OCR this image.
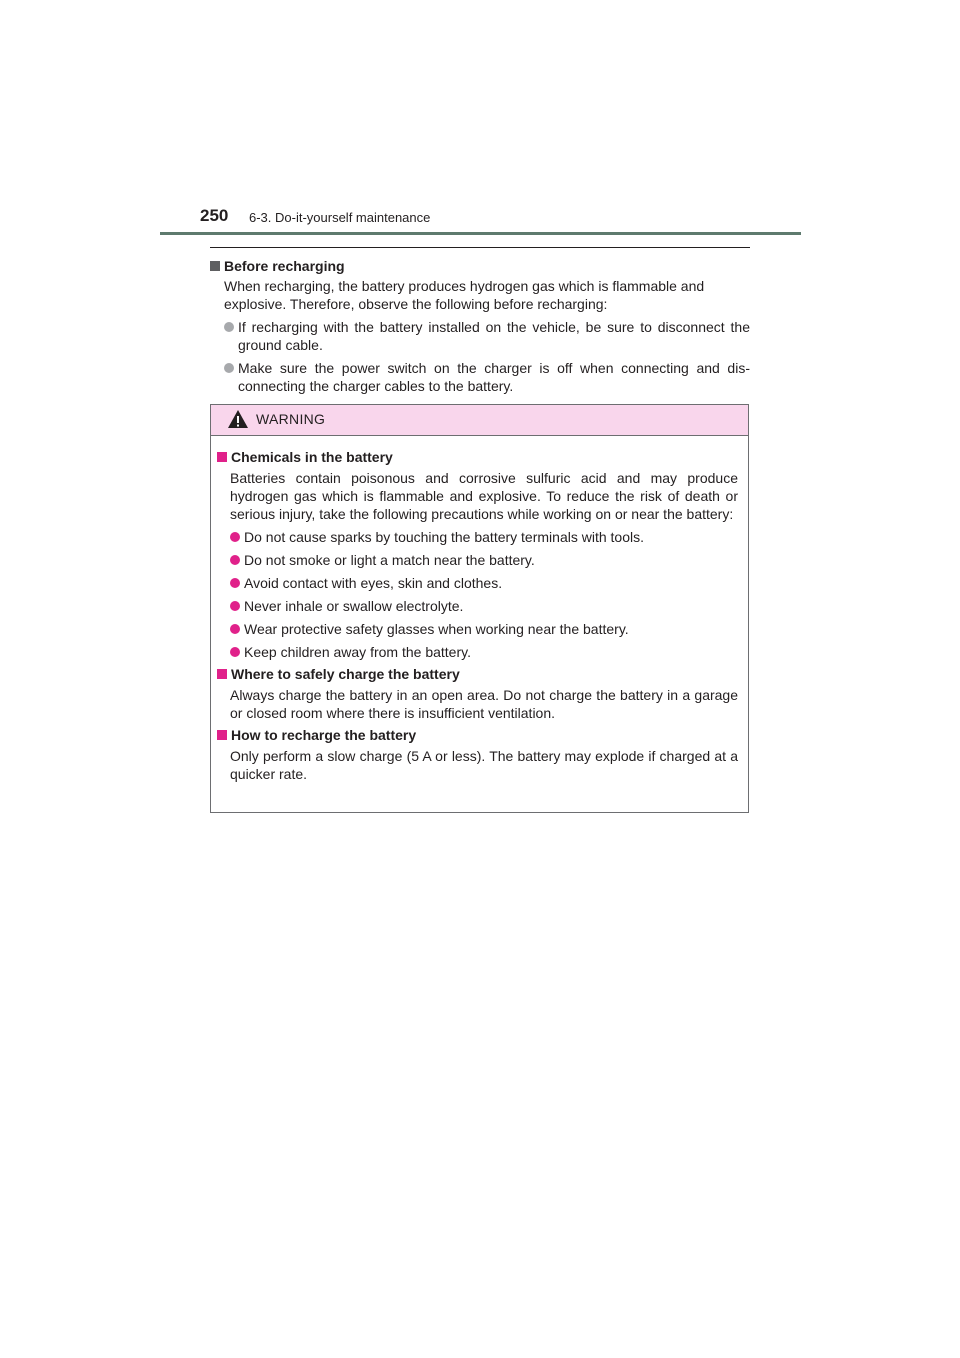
250 6-3. Do-it-yourself maintenance
Before recharging
When recharging, the battery produces hydrogen gas which is flammable and explosive. Therefore, observe the following before recharging:
If recharging with the battery installed on the vehicle, be sure to disconnect the ground cable.
Make sure the power switch on the charger is off when connecting and dis-connecting the charger cables to the battery.
WARNING
Chemicals in the battery
Batteries contain poisonous and corrosive sulfuric acid and may produce hydrogen gas which is flammable and explosive. To reduce the risk of death or serious injury, take the following precautions while working on or near the battery:
Do not cause sparks by touching the battery terminals with tools.
Do not smoke or light a match near the battery.
Avoid contact with eyes, skin and clothes.
Never inhale or swallow electrolyte.
Wear protective safety glasses when working near the battery.
Keep children away from the battery.
Where to safely charge the battery
Always charge the battery in an open area. Do not charge the battery in a garage or closed room where there is insufficient ventilation.
How to recharge the battery
Only perform a slow charge (5 A or less). The battery may explode if charged at a quicker rate.
